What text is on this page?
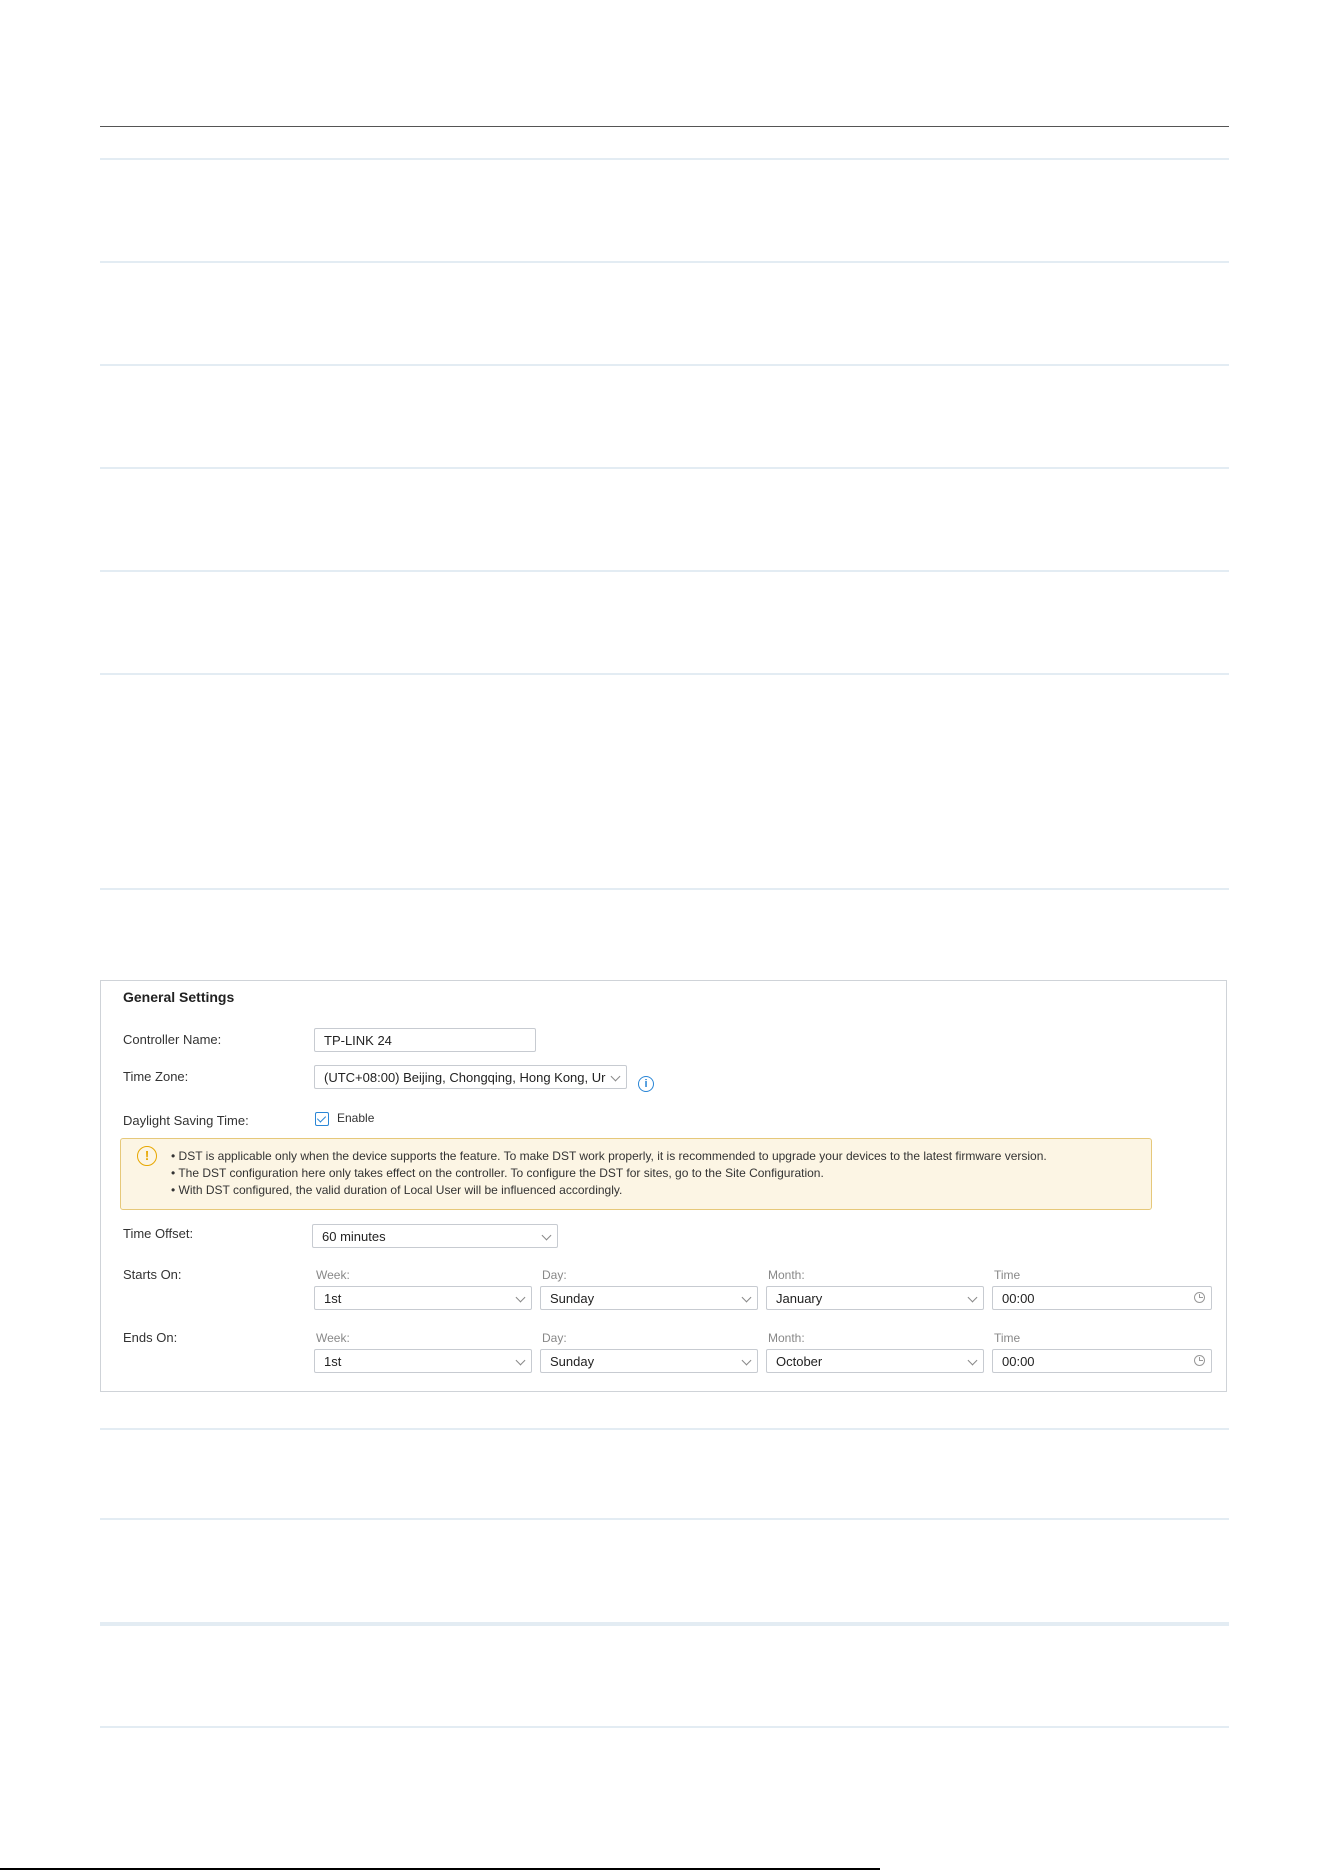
General Settings
Controller Name:	TP-LINK 24
Time Zone:	(UTC+08:00) Beijing, Chongqing, Hong Kong, Ur	i
Daylight Saving Time:	Enable
!	• DST is applicable only when the device supports the feature. To make DST work properly, it is recommended to upgrade your devices to the latest firmware version.
• The DST configuration here only takes effect on the controller. To configure the DST for sites, go to the Site Configuration.
• With DST configured, the valid duration of Local User will be influenced accordingly.
Time Offset:	60 minutes
Starts On:	Week:	Day:	Month:	Time
1st	Sunday	January	00:00
Ends On:	Week:	Day:	Month:	Time
1st	Sunday	October	00:00
